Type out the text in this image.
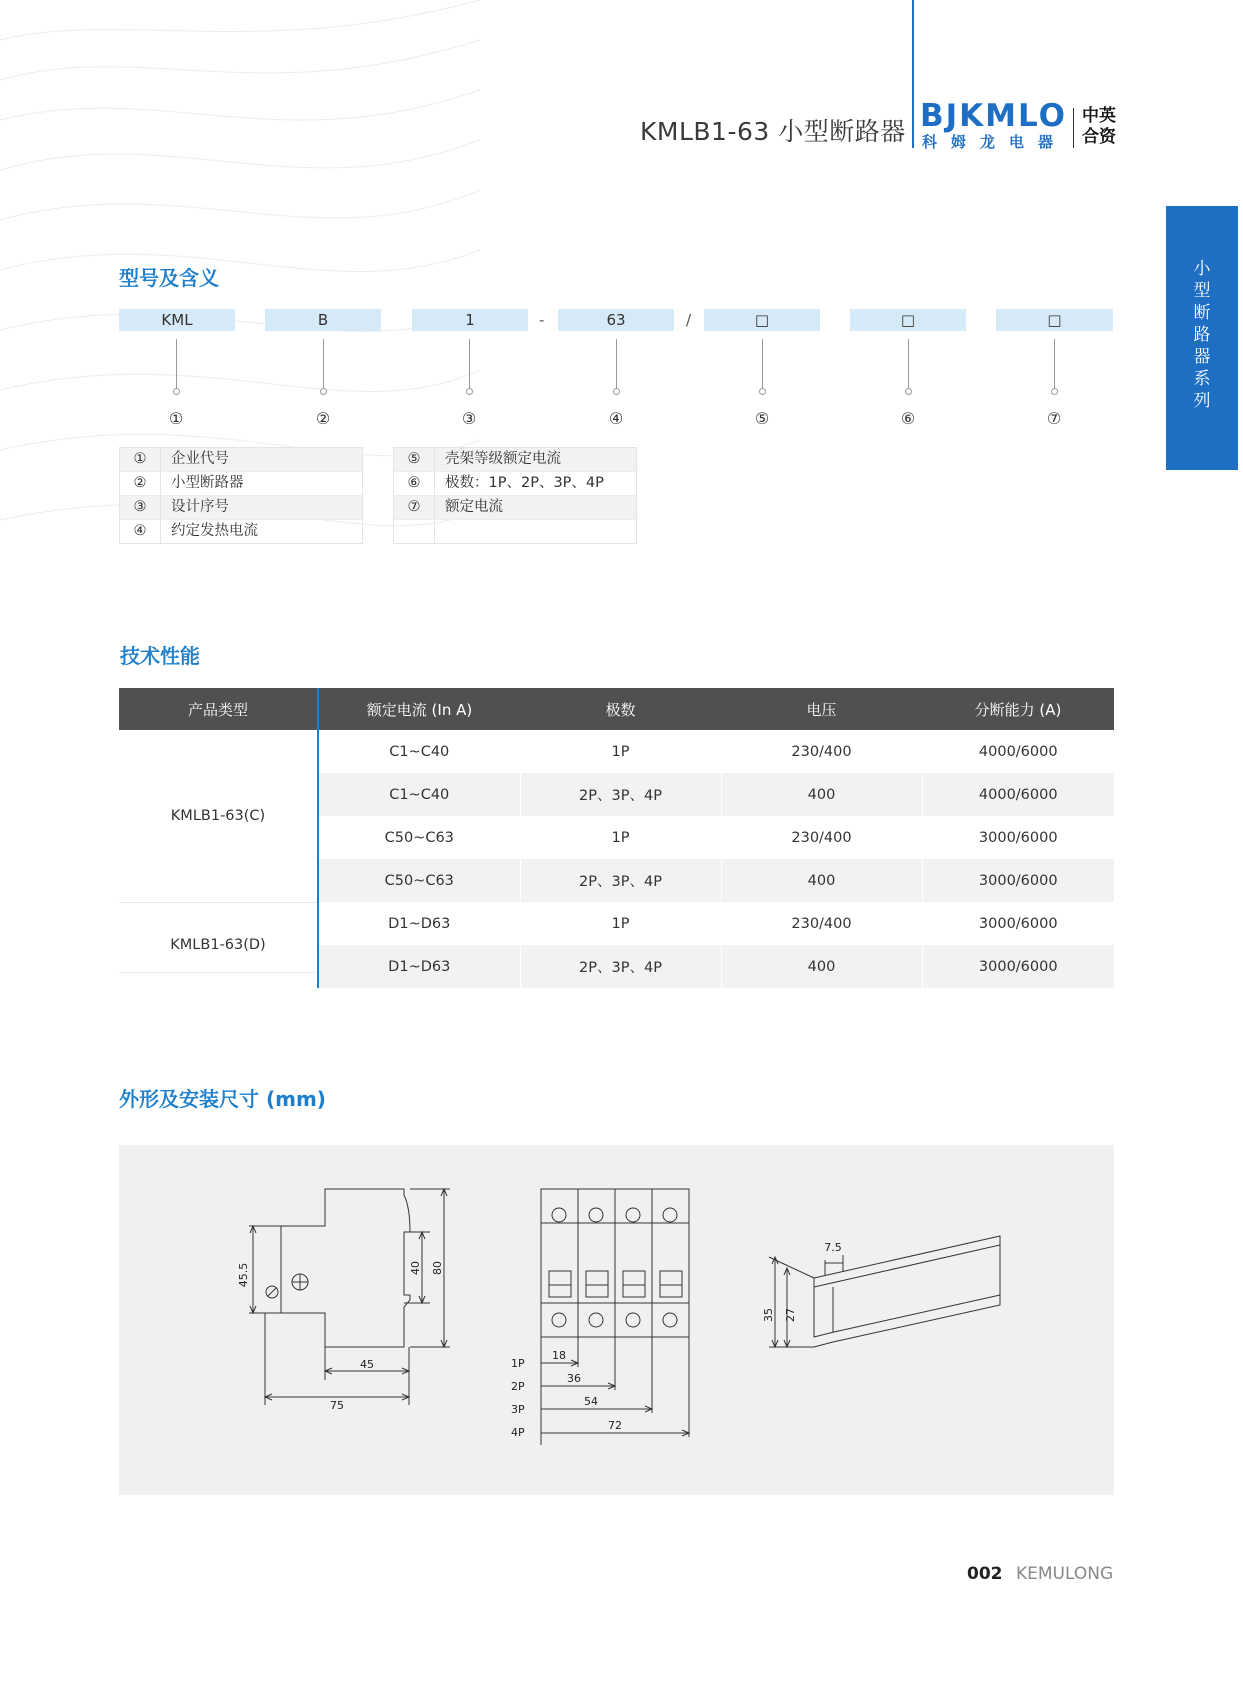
KMLB1-63 小型断路器 BJKMLO
科姆龙电器
中英
合资
小型断路器系列
型号及含义
KML	B	1	-	63	/	□	□	□
①	②	③	④	⑤	⑥	⑦
①	企业代号
②	小型断路器
③	设计序号
④	约定发热电流
⑤	壳架等级额定电流
⑥	极数：1P、2P、3P、4P
⑦	额定电流
技术性能
产品类型	额定电流 (In A)	极数	电压	分断能力 (A)
KMLB1-63(C)	C1~C40	1P	230/400	4000/6000
	C1~C40	2P、3P、4P	400	4000/6000
	C50~C63	1P	230/400	3000/6000
	C50~C63	2P、3P、4P	400	3000/6000
KMLB1-63(D)	D1~D63	1P	230/400	3000/6000
	D1~D63	2P、3P、4P	400	3000/6000
外形及安装尺寸 (mm)
45.5	40 80
45
75
1P
2P
3P
4P
18
36
54
72
7.5
35 27
002 KEMULONG
